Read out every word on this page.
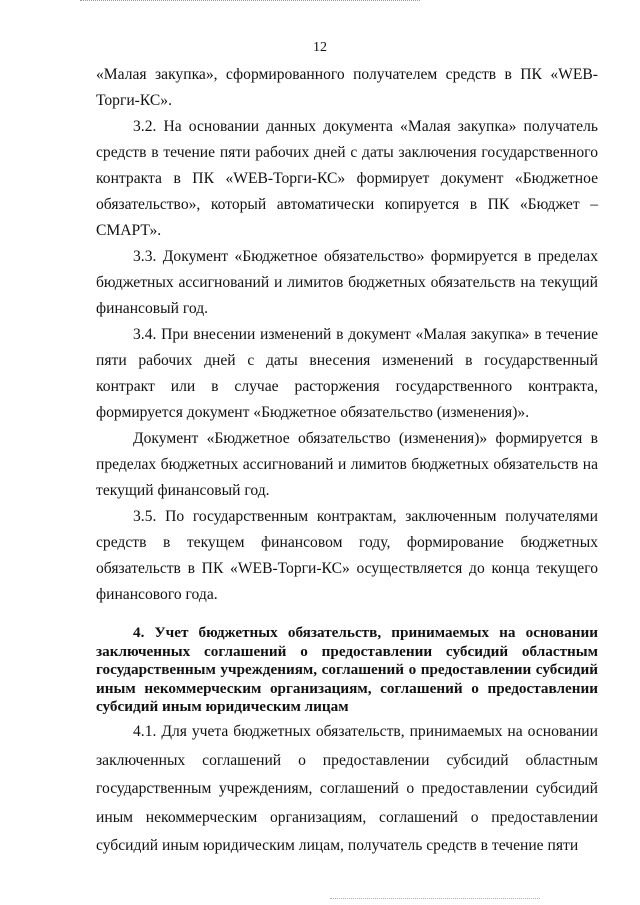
12

«Малая закупка», сформированного получателем средств в ПК «WEB-Торги-КС».

3.2. На основании данных документа «Малая закупка» получатель средств в течение пяти рабочих дней с даты заключения государственного контракта в ПК «WEB-Торги-КС» формирует документ «Бюджетное обязательство», который автоматически копируется в ПК «Бюджет – СМАРТ».

3.3. Документ «Бюджетное обязательство» формируется в пределах бюджетных ассигнований и лимитов бюджетных обязательств на текущий финансовый год.

3.4. При внесении изменений в документ «Малая закупка» в течение пяти рабочих дней с даты внесения изменений в государственный контракт или в случае расторжения государственного контракта, формируется документ «Бюджетное обязательство (изменения)».

Документ «Бюджетное обязательство (изменения)» формируется в пределах бюджетных ассигнований и лимитов бюджетных обязательств на текущий финансовый год.

3.5. По государственным контрактам, заключенным получателями средств в текущем финансовом году, формирование бюджетных обязательств в ПК «WEB-Торги-КС» осуществляется до конца текущего финансового года.

4. Учет бюджетных обязательств, принимаемых на основании заключенных соглашений о предоставлении субсидий областным государственным учреждениям, соглашений о предоставлении субсидий иным некоммерческим организациям, соглашений о предоставлении субсидий иным юридическим лицам

4.1. Для учета бюджетных обязательств, принимаемых на основании заключенных соглашений о предоставлении субсидий областным государственным учреждениям, соглашений о предоставлении субсидий иным некоммерческим организациям, соглашений о предоставлении субсидий иным юридическим лицам, получатель средств в течение пяти
